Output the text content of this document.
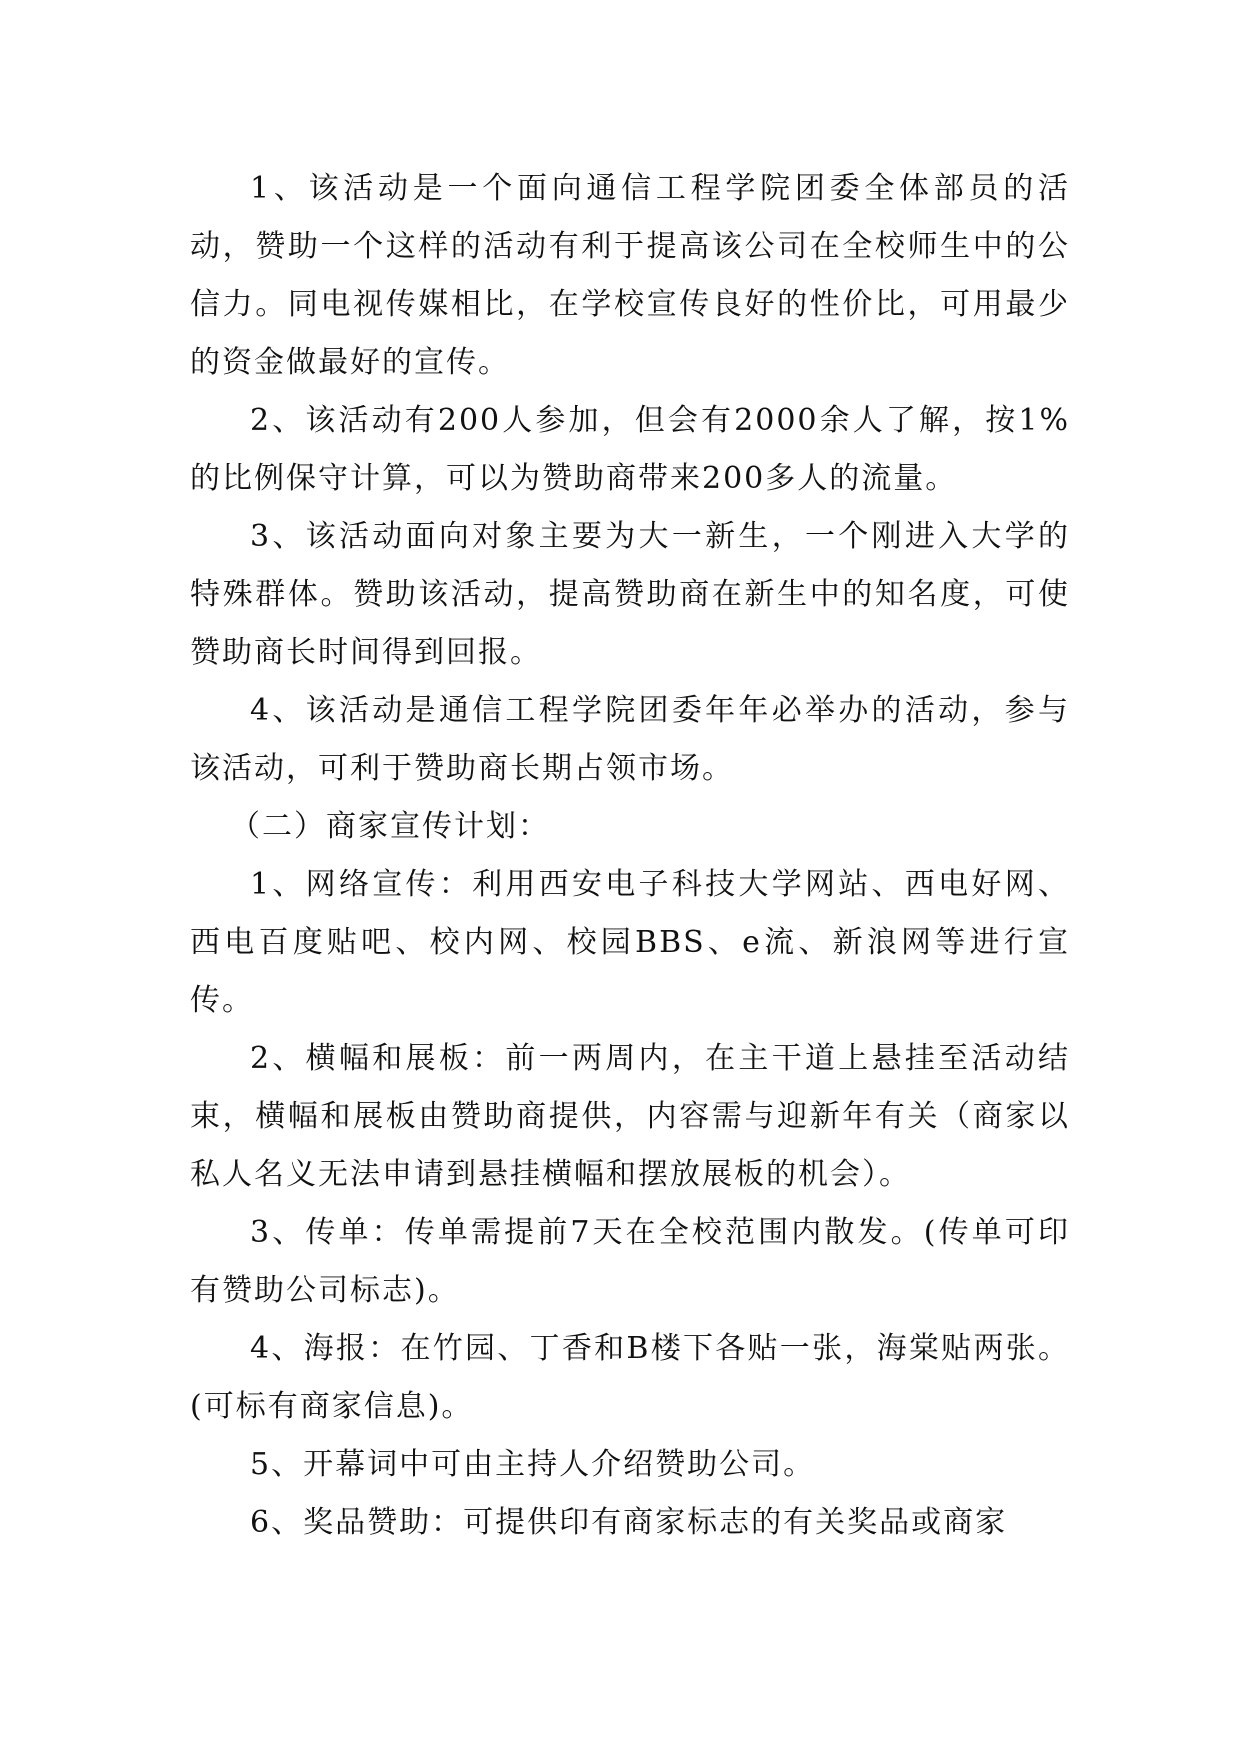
1、该活动是一个面向通信工程学院团委全体部员的活动，赞助一个这样的活动有利于提高该公司在全校师生中的公信力。同电视传媒相比，在学校宣传良好的性价比，可用最少的资金做最好的宣传。

2、该活动有200人参加，但会有2000余人了解，按1%的比例保守计算，可以为赞助商带来200多人的流量。

3、该活动面向对象主要为大一新生，一个刚进入大学的特殊群体。赞助该活动，提高赞助商在新生中的知名度，可使赞助商长时间得到回报。

4、该活动是通信工程学院团委年年必举办的活动，参与该活动，可利于赞助商长期占领市场。

（二）商家宣传计划：

1、网络宣传：利用西安电子科技大学网站、西电好网、西电百度贴吧、校内网、校园BBS、e流、新浪网等进行宣传。

2、横幅和展板：前一两周内，在主干道上悬挂至活动结束，横幅和展板由赞助商提供，内容需与迎新年有关（商家以私人名义无法申请到悬挂横幅和摆放展板的机会）。

3、传单：传单需提前7天在全校范围内散发。(传单可印有赞助公司标志)。

4、海报：在竹园、丁香和B楼下各贴一张，海棠贴两张。(可标有商家信息)。

5、开幕词中可由主持人介绍赞助公司。

6、奖品赞助：可提供印有商家标志的有关奖品或商家
